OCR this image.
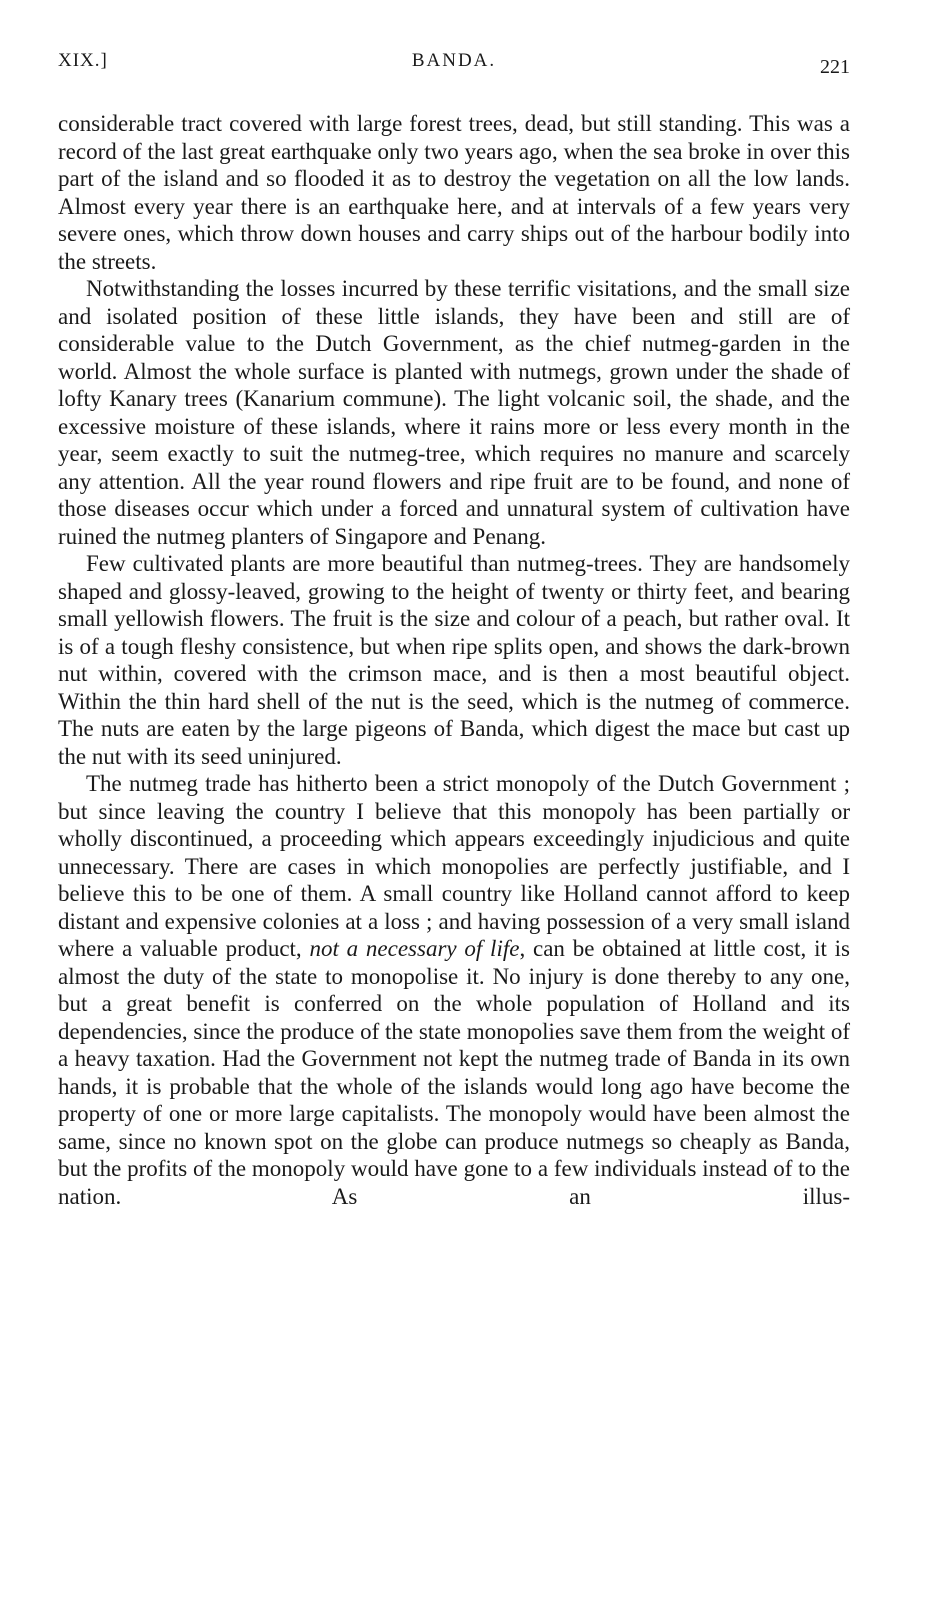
XIX.]	BANDA.	221

considerable tract covered with large forest trees, dead, but still standing. This was a record of the last great earthquake only two years ago, when the sea broke in over this part of the island and so flooded it as to destroy the vegetation on all the low lands. Almost every year there is an earthquake here, and at intervals of a few years very severe ones, which throw down houses and carry ships out of the harbour bodily into the streets.

Notwithstanding the losses incurred by these terrific visitations, and the small size and isolated position of these little islands, they have been and still are of considerable value to the Dutch Government, as the chief nutmeg-garden in the world. Almost the whole surface is planted with nutmegs, grown under the shade of lofty Kanary trees (Kanarium commune). The light volcanic soil, the shade, and the excessive moisture of these islands, where it rains more or less every month in the year, seem exactly to suit the nutmeg-tree, which requires no manure and scarcely any attention. All the year round flowers and ripe fruit are to be found, and none of those diseases occur which under a forced and unnatural system of cultivation have ruined the nutmeg planters of Singapore and Penang.

Few cultivated plants are more beautiful than nutmeg-trees. They are handsomely shaped and glossy-leaved, growing to the height of twenty or thirty feet, and bearing small yellowish flowers. The fruit is the size and colour of a peach, but rather oval. It is of a tough fleshy consistence, but when ripe splits open, and shows the dark-brown nut within, covered with the crimson mace, and is then a most beautiful object. Within the thin hard shell of the nut is the seed, which is the nutmeg of commerce. The nuts are eaten by the large pigeons of Banda, which digest the mace but cast up the nut with its seed uninjured.

The nutmeg trade has hitherto been a strict monopoly of the Dutch Government ; but since leaving the country I believe that this monopoly has been partially or wholly discontinued, a proceeding which appears exceedingly injudicious and quite unnecessary. There are cases in which monopolies are perfectly justifiable, and I believe this to be one of them. A small country like Holland cannot afford to keep distant and expensive colonies at a loss ; and having possession of a very small island where a valuable product, not a necessary of life, can be obtained at little cost, it is almost the duty of the state to monopolise it. No injury is done thereby to any one, but a great benefit is conferred on the whole population of Holland and its dependencies, since the produce of the state monopolies save them from the weight of a heavy taxation. Had the Government not kept the nutmeg trade of Banda in its own hands, it is probable that the whole of the islands would long ago have become the property of one or more large capitalists. The monopoly would have been almost the same, since no known spot on the globe can produce nutmegs so cheaply as Banda, but the profits of the monopoly would have gone to a few individuals instead of to the nation. As an illus-
